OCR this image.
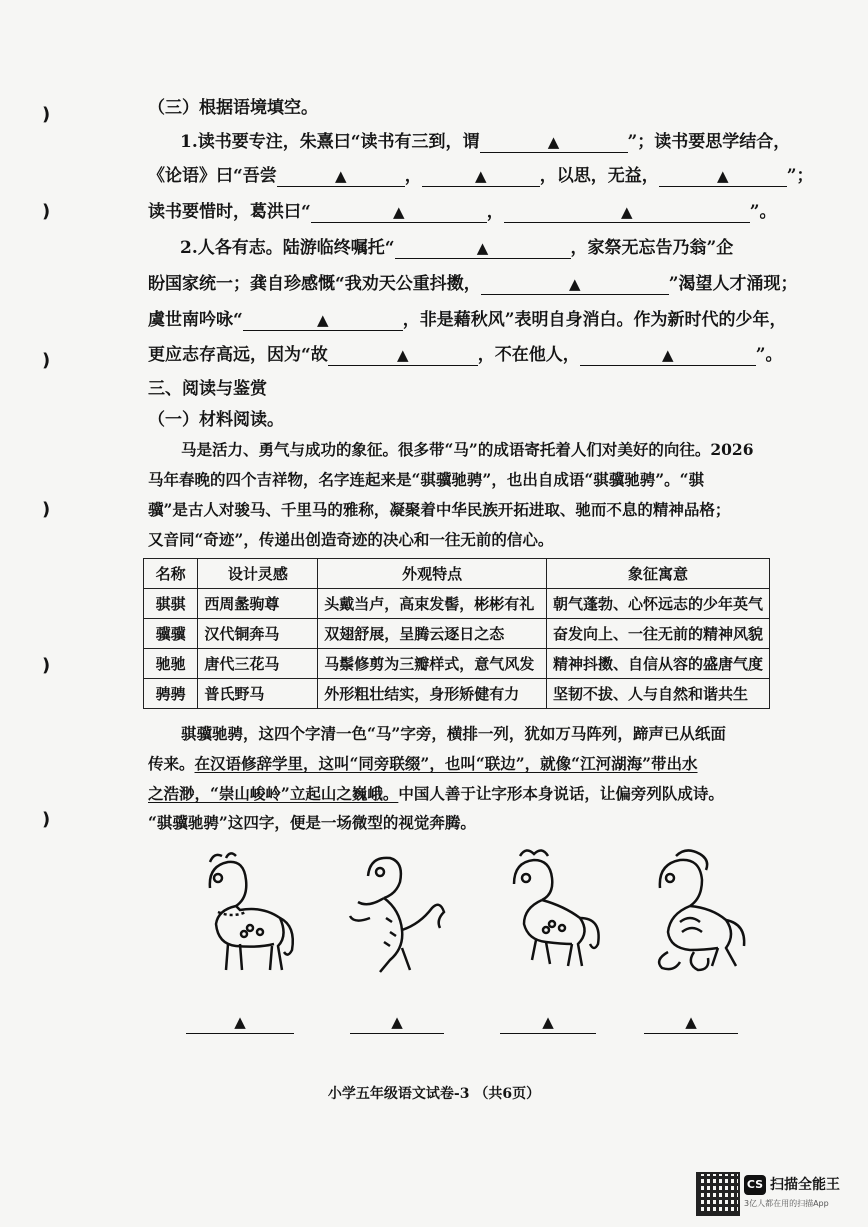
)
)
)
)
)
)
（三）根据语境填空。
1.读书要专注，朱熹曰“读书有三到，谓	▲	”；读书要思学结合，
《论语》曰“吾尝	▲	，	▲	，以思，无益，	▲	”；
读书要惜时，葛洪曰“	▲	，	▲	”。
2.人各有志。陆游临终嘱托“	▲	，家祭无忘告乃翁”企
盼国家统一；龚自珍感慨“我劝天公重抖擞，	▲	”渴望人才涌现；
虞世南吟咏“	▲	，非是藉秋风”表明自身消白。作为新时代的少年，
更应志存高远，因为“故	▲	，不在他人，	▲	”。
三、阅读与鉴赏
（一）材料阅读。
马是活力、勇气与成功的象征。很多带“马”的成语寄托着人们对美好的向往。2026
马年春晚的四个吉祥物，名字连起来是“骐骥驰骋”，也出自成语“骐骥驰骋”。“骐
骥”是古人对骏马、千里马的雅称，凝聚着中华民族开拓进取、驰而不息的精神品格；
又音同“奇迹”，传递出创造奇迹的决心和一往无前的信心。
名称	设计灵感	外观特点	象征寓意
骐骐	西周盠驹尊	头戴当卢，高束发髻，彬彬有礼	朝气蓬勃、心怀远志的少年英气
骥骥	汉代铜奔马	双翅舒展，呈腾云逐日之态	奋发向上、一往无前的精神风貌
驰驰	唐代三花马	马鬃修剪为三瓣样式，意气风发	精神抖擞、自信从容的盛唐气度
骋骋	普氏野马	外形粗壮结实，身形矫健有力	坚韧不拔、人与自然和谐共生
骐骥驰骋，这四个字清一色“马”字旁，横排一列，犹如万马阵列，蹄声已从纸面
传来。在汉语修辞学里，这叫“同旁联缀”，也叫“联边”，就像“江河湖海”带出水
之浩渺，“崇山峻岭”立起山之巍峨。中国人善于让字形本身说话，让偏旁列队成诗。
“骐骥驰骋”这四字，便是一场微型的视觉奔腾。
▲	▲	▲	▲
小学五年级语文试卷-3 （共6页）
CS 扫描全能王
3亿人都在用的扫描App
